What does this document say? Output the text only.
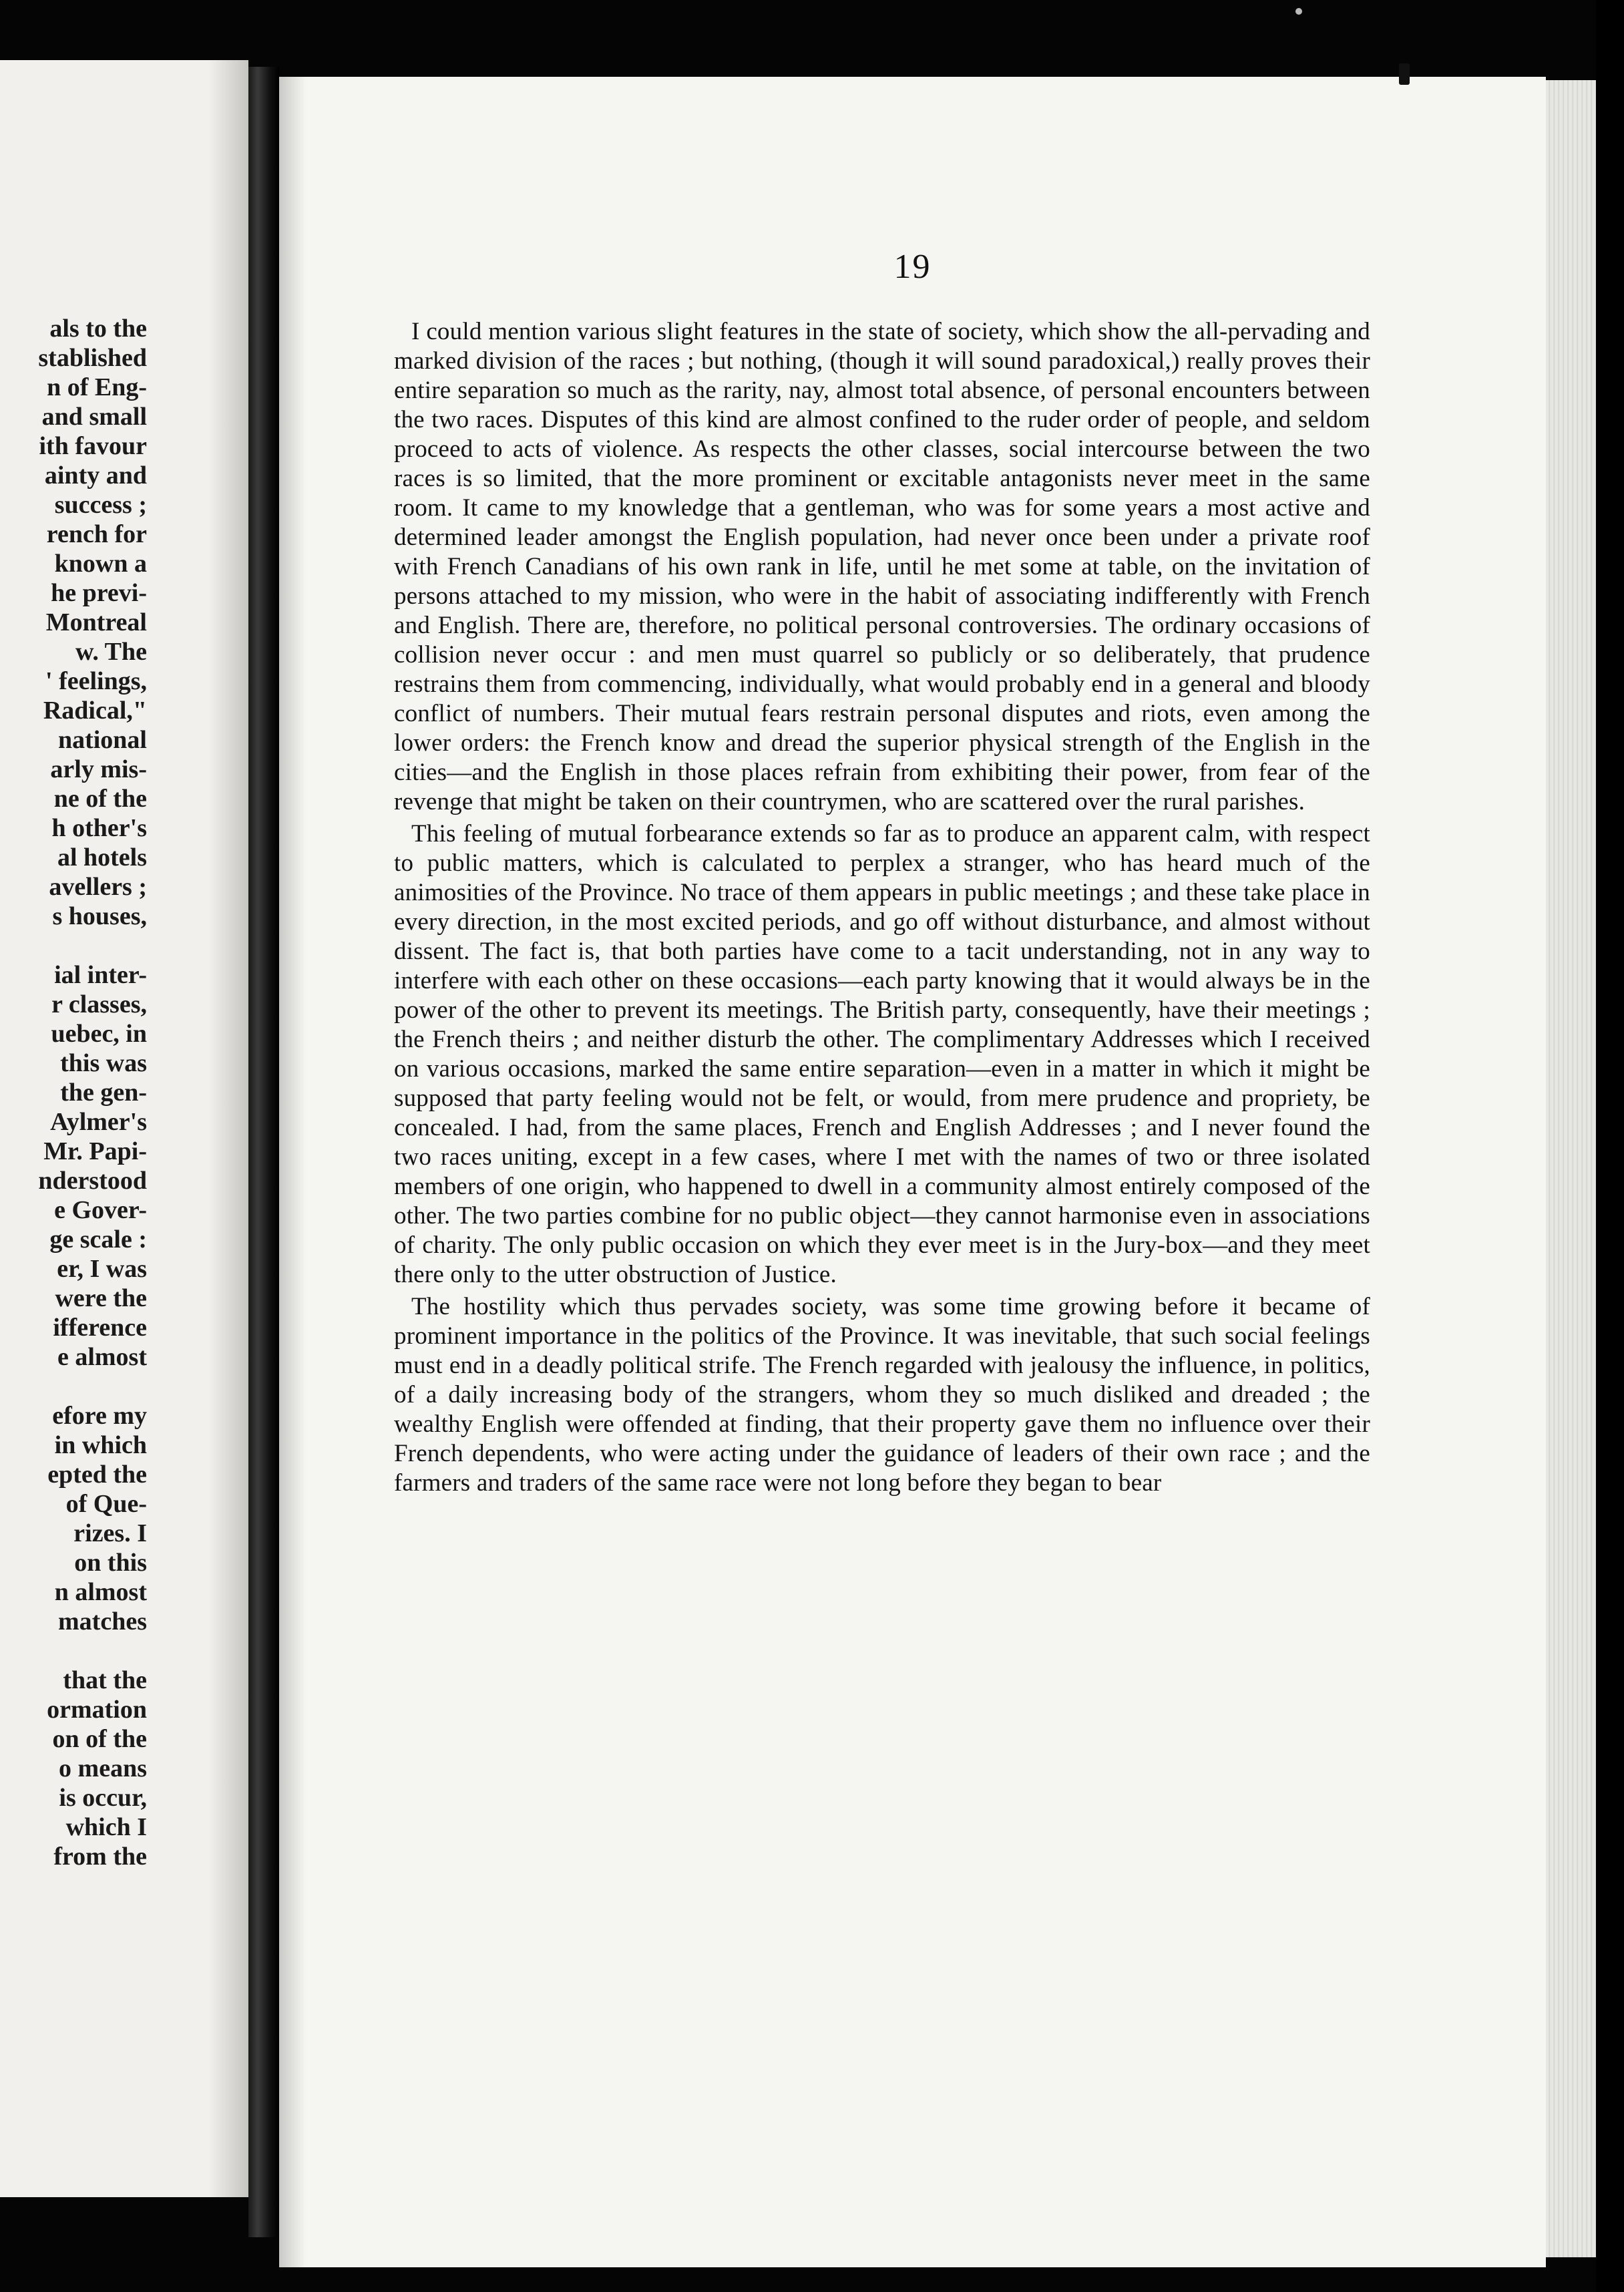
als to the
stablished
n of Eng-
and small
ith favour
ainty and
success ;
rench for
known a
he previ-
Montreal
w. The
' feelings,
Radical,"
national
arly mis-
ne of the
h other's
al hotels
avellers ;
s houses,
ial inter-
r classes,
uebec, in
this was
the gen-
Aylmer's
Mr. Papi-
nderstood
e Gover-
ge scale :
er, I was
were the
ifference
e almost
efore my
in which
epted the
of Que-
rizes. I
on this
n almost
matches
that the
ormation
on of the
o means
is occur,
which I
from the
19

I could mention various slight features in the state of society, which show the all-pervading and marked division of the races ; but nothing, (though it will sound paradoxical,) really proves their entire separation so much as the rarity, nay, almost total absence, of personal encounters between the two races. Disputes of this kind are almost confined to the ruder order of people, and seldom proceed to acts of violence. As respects the other classes, social intercourse between the two races is so limited, that the more prominent or excitable antagonists never meet in the same room. It came to my knowledge that a gentleman, who was for some years a most active and determined leader amongst the English population, had never once been under a private roof with French Canadians of his own rank in life, until he met some at table, on the invitation of persons attached to my mission, who were in the habit of associating indifferently with French and English. There are, therefore, no political personal controversies. The ordinary occasions of collision never occur : and men must quarrel so publicly or so deliberately, that prudence restrains them from commencing, individually, what would probably end in a general and bloody conflict of numbers. Their mutual fears restrain personal disputes and riots, even among the lower orders: the French know and dread the superior physical strength of the English in the cities—and the English in those places refrain from exhibiting their power, from fear of the revenge that might be taken on their countrymen, who are scattered over the rural parishes.

This feeling of mutual forbearance extends so far as to produce an apparent calm, with respect to public matters, which is calculated to perplex a stranger, who has heard much of the animosities of the Province. No trace of them appears in public meetings ; and these take place in every direction, in the most excited periods, and go off without disturbance, and almost without dissent. The fact is, that both parties have come to a tacit understanding, not in any way to interfere with each other on these occasions—each party knowing that it would always be in the power of the other to prevent its meetings. The British party, consequently, have their meetings ; the French theirs ; and neither disturb the other. The complimentary Addresses which I received on various occasions, marked the same entire separation—even in a matter in which it might be supposed that party feeling would not be felt, or would, from mere prudence and propriety, be concealed. I had, from the same places, French and English Addresses ; and I never found the two races uniting, except in a few cases, where I met with the names of two or three isolated members of one origin, who happened to dwell in a community almost entirely composed of the other. The two parties combine for no public object—they cannot harmonise even in associations of charity. The only public occasion on which they ever meet is in the Jury-box—and they meet there only to the utter obstruction of Justice.

The hostility which thus pervades society, was some time growing before it became of prominent importance in the politics of the Province. It was inevitable, that such social feelings must end in a deadly political strife. The French regarded with jealousy the influence, in politics, of a daily increasing body of the strangers, whom they so much disliked and dreaded ; the wealthy English were offended at finding, that their property gave them no influence over their French dependents, who were acting under the guidance of leaders of their own race ; and the farmers and traders of the same race were not long before they began to bear
